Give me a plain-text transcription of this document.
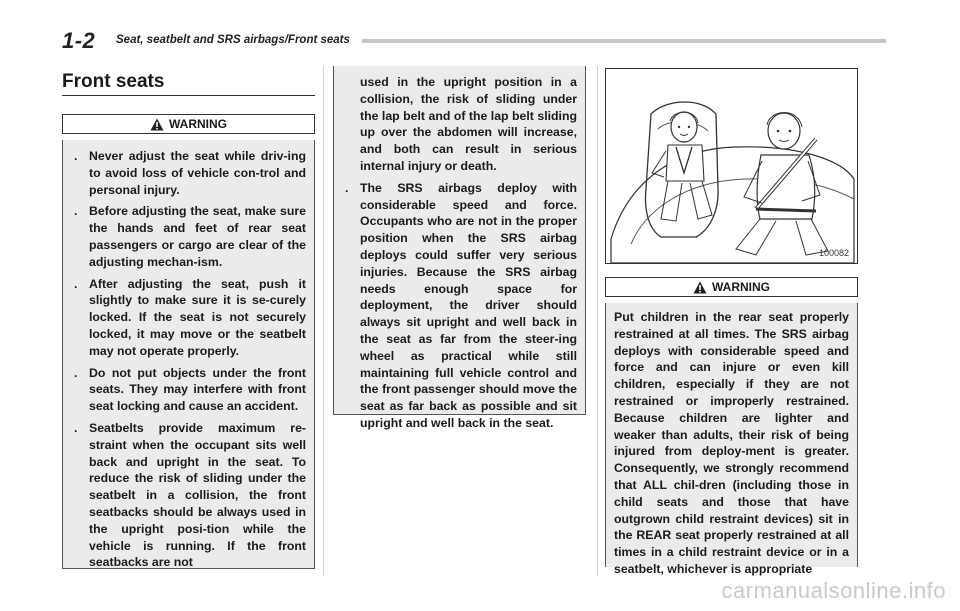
1-2 Seat, seatbelt and SRS airbags/Front seats
Front seats
WARNING
. Never adjust the seat while driv-ing to avoid loss of vehicle con-trol and personal injury.
. Before adjusting the seat, make sure the hands and feet of rear seat passengers or cargo are clear of the adjusting mechan-ism.
. After adjusting the seat, push it slightly to make sure it is se-curely locked. If the seat is not securely locked, it may move or the seatbelt may not operate properly.
. Do not put objects under the front seats. They may interfere with front seat locking and cause an accident.
. Seatbelts provide maximum re-straint when the occupant sits well back and upright in the seat. To reduce the risk of sliding under the seatbelt in a collision, the front seatbacks should be always used in the upright posi-tion while the vehicle is running. If the front seatbacks are not

used in the upright position in a collision, the risk of sliding under the lap belt and of the lap belt sliding up over the abdomen will increase, and both can result in serious internal injury or death.

. The SRS airbags deploy with considerable speed and force. Occupants who are not in the proper position when the SRS airbag deploys could suffer very serious injuries. Because the SRS airbag needs enough space for deployment, the driver should always sit upright and well back in the seat as far from the steer-ing wheel as practical while still maintaining full vehicle control and the front passenger should move the seat as far back as possible and sit upright and well back in the seat.
100082
WARNING

Put children in the rear seat properly restrained at all times. The SRS airbag deploys with considerable speed and force and can injure or even kill children, especially if they are not restrained or improperly restrained. Because children are lighter and weaker than adults, their risk of being injured from deploy-ment is greater. Consequently, we strongly recommend that ALL chil-dren (including those in child seats and those that have outgrown child restraint devices) sit in the REAR seat properly restrained at all times in a child restraint device or in a seatbelt, whichever is appropriate

carmanualsonline.info
